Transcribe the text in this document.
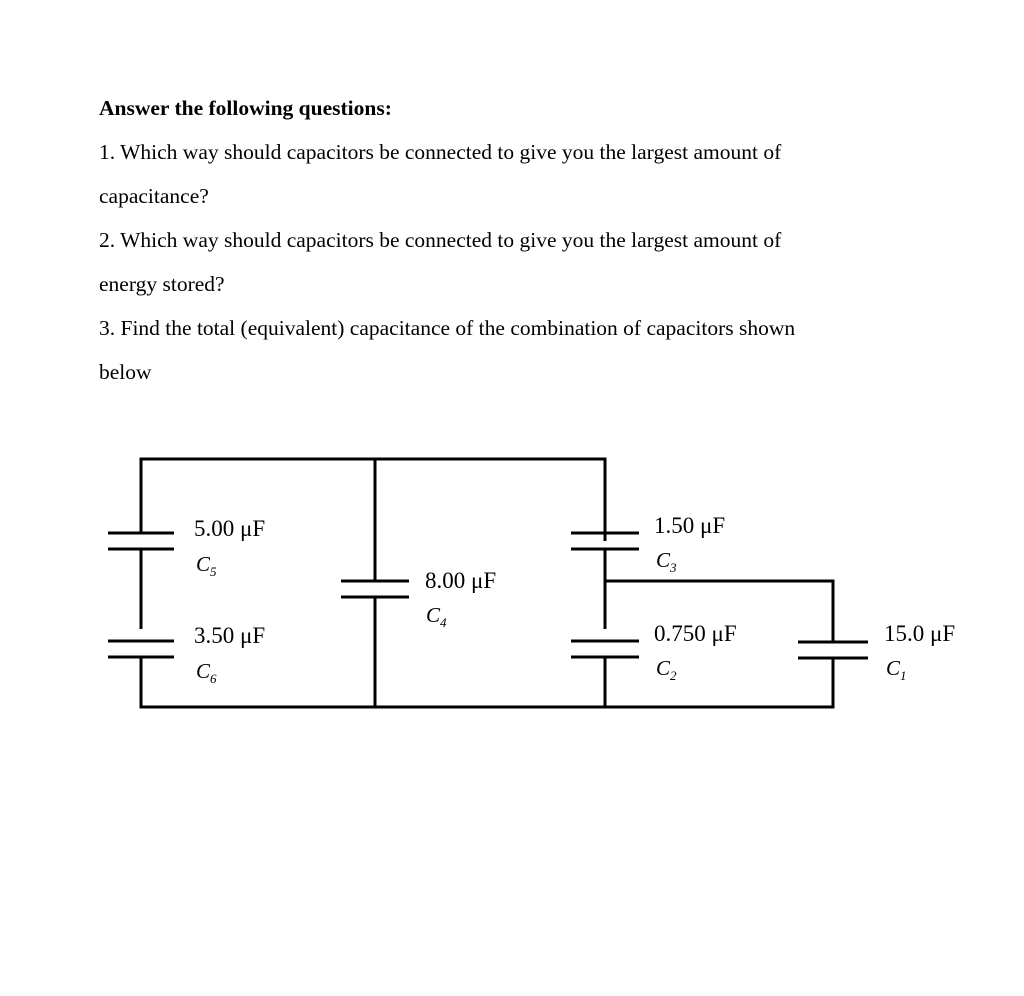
Answer the following questions:

1. Which way should capacitors be connected to give you the largest amount of

capacitance?

2. Which way should capacitors be connected to give you the largest amount of

energy stored?

3. Find the total (equivalent) capacitance of the combination of capacitors shown

below

5.00 μF
$C_5$
3.50 μF
$C_6$
8.00 μF
$C_4$
1.50 μF
$C_3$
0.750 μF
$C_2$
15.0 μF
$C_1$
